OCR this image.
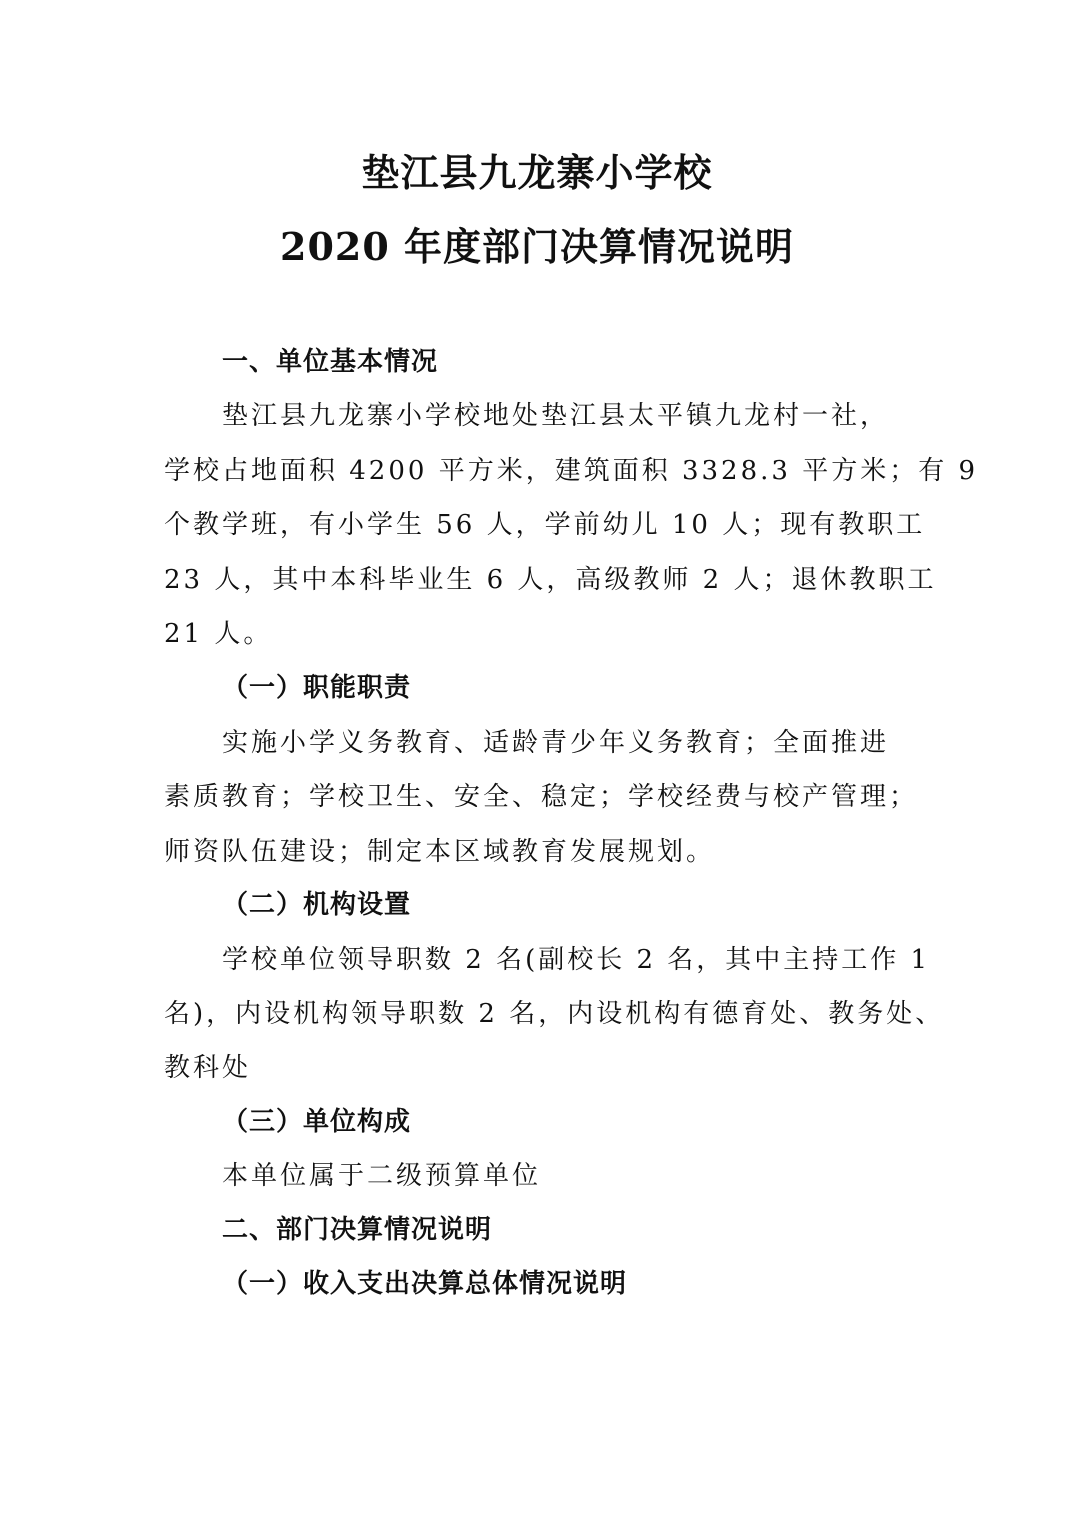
垫江县九龙寨小学校
2020 年度部门决算情况说明
一、单位基本情况
垫江县九龙寨小学校地处垫江县太平镇九龙村一社，
学校占地面积 4200 平方米，建筑面积 3328.3 平方米；有 9
个教学班，有小学生 56 人，学前幼儿 10 人；现有教职工
23 人，其中本科毕业生 6 人，高级教师 2 人；退休教职工
21 人。
（一）职能职责
实施小学义务教育、适龄青少年义务教育；全面推进
素质教育；学校卫生、安全、稳定；学校经费与校产管理；
师资队伍建设；制定本区域教育发展规划。
（二）机构设置
学校单位领导职数 2 名(副校长 2 名，其中主持工作 1
名)，内设机构领导职数 2 名，内设机构有德育处、教务处、
教科处
（三）单位构成
本单位属于二级预算单位
二、部门决算情况说明
（一）收入支出决算总体情况说明
